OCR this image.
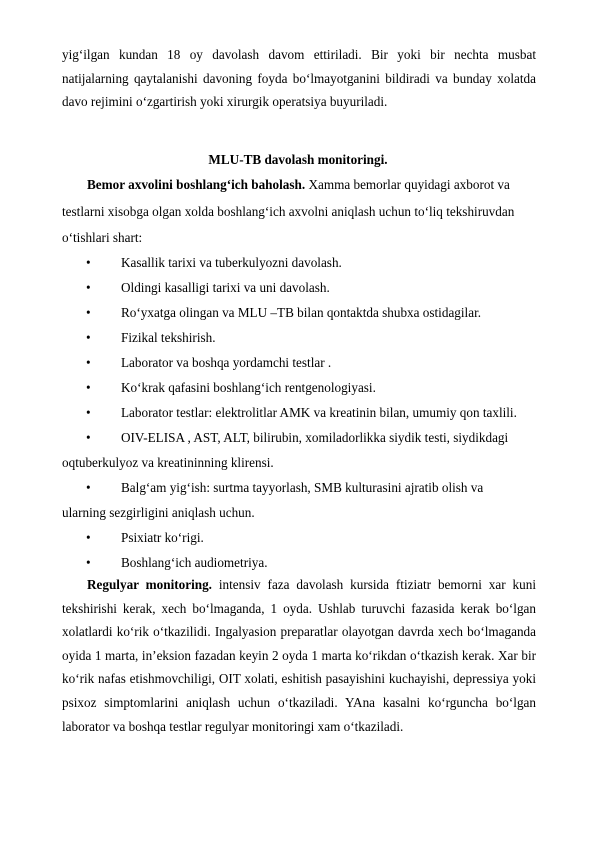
yig‘ilgan kundan 18 oy davolash davom ettiriladi. Bir yoki bir nechta musbat natijalarning qaytalanishi davoning foyda bo‘lmayotganini bildiradi va bunday xolatda davo rejimini o‘zgartirish yoki xirurgik operatsiya buyuriladi.

MLU-TB davolash monitoringi.

Bemor axvolini boshlang‘ich baholash. Xamma bemorlar quyidagi axborot va
testlarni xisobga olgan xolda boshlang‘ich axvolni aniqlash uchun to‘liq tekshiruvdan
o‘tishlari shart:
• Kasallik tarixi va tuberkulyozni davolash.
• Oldingi kasalligi tarixi va uni davolash.
• Ro‘yxatga olingan va MLU –TB bilan qontaktda shubxa ostidagilar.
• Fizikal tekshirish.
• Laborator va boshqa yordamchi testlar .
• Ko‘krak qafasini boshlang‘ich rentgenologiyasi.
• Laborator testlar: elektrolitlar AMK va kreatinin bilan, umumiy qon taxlili.
• OIV-ELISA , AST, ALT, bilirubin, xomiladorlikka siydik testi, siydikdagi
oqtuberkulyoz va kreatininning klirensi.
• Balg‘am yig‘ish: surtma tayyorlash, SMB kulturasini ajratib olish va
ularning sezgirligini aniqlash uchun.
• Psixiatr ko‘rigi.
• Boshlang‘ich audiometriya.

Regulyar monitoring. intensiv faza davolash kursida ftiziatr bemorni xar kuni tekshirishi kerak, xech bo‘lmaganda, 1 oyda. Ushlab turuvchi fazasida kerak bo‘lgan xolatlardi ko‘rik o‘tkazilidi. Ingalyasion preparatlar olayotgan davrda xech bo‘lmaganda oyida 1 marta, in’eksion fazadan keyin 2 oyda 1 marta ko‘rikdan o‘tkazish kerak. Xar bir ko‘rik nafas etishmovchiligi, OIT xolati, eshitish pasayishini kuchayishi, depressiya yoki psixoz simptomlarini aniqlash uchun o‘tkaziladi. YAna kasalni ko‘rguncha bo‘lgan laborator va boshqa testlar regulyar monitoringi xam o‘tkaziladi.
